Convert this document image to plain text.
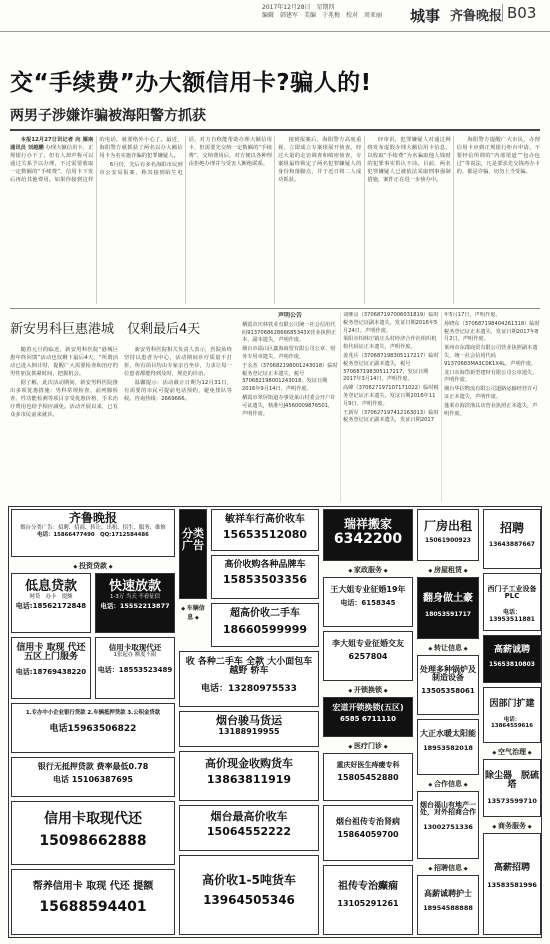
2017年12月28日　星期四
编辑　韩建军　美编　于兆梅　校对　周亚丽	城事 齐鲁晚报 B03
交“手续费”办大额信用卡?骗人的!
两男子涉嫌诈骗被海阳警方抓获

本报12月27日讯记者 向 雁南 通讯员 刘越鹏 办理大额信用卡，正规银行办不了，但有人却声称可以通过关系予以办理，不过需要收取一定数额的“手续费”，信用卡下发后再给其他费用。如果你接到这样的电话，就要格外小心了。最近，海阳警方就抓获了两名以办大额信用卡为名实施诈骗的犯罪嫌疑人。

6月份，先后有多名海阳市民到市公安局报案，称其接到陌生电话，对方自称能帮助办理大额信用卡，但需要先交纳一定数额的“手续费”，交纳费用后，对方便以各种理由拒绝办理并与受害人断绝联系。

接到报案后，海阳警方高度重视，立即成立专案组展开侦查。经过大量的走访调查和缜密侦查，专案组最终锁定了两名犯罪嫌疑人的身份和落脚点，并于近日将二人成功抓获。

经审讯，犯罪嫌疑人对通过网络发布虚假办理大额信用卡信息，以收取“手续费”为名骗取他人钱财的犯罪事实供认不讳。目前，两名犯罪嫌疑人已被依法采取刑事强制措施，案件正在进一步侦办中。

海阳警方提醒广大市民，办理信用卡应到正规银行柜台申请，不要轻信所谓的“内部渠道”“包办包过”等说法，凡是要求先交钱再办卡的，都是诈骗，切勿上当受骗。

新安男科巨惠港城　仅剩最后4天

随着元旦的临近，新安男科医院“港城巨惠年终回馈”活动也仅剩下最后4天，“所谓活动已进入倒计时，提醒广大需要检查和治疗的男性朋友抓紧时间，把握机会。

据了解，此次活动期间，新安男科医院推出多项优惠措施：男科常规检查、前列腺检查、性功能检测等项目享受优惠价格，手术治疗费用也给予相应减免。活动开展以来，已有众多市民前来就诊。

新安男科医院相关负责人表示，医院始终坚持以患者为中心，活动期间诊疗质量不打折，所有项目均由专家亲自坐诊，力求让每一位患者都能得到及时、规范的诊治。

温馨提示：活动截止日期为12月31日，有需要的市民可提前电话预约，避免排队等候。咨询热线：2669666。

声明公告
栖霞市庆林铁业有限公司统一社会信用代码913706862866685343X营业执照正本、副本遗失，声明作废。
烟台市福山区鑫海商贸有限公司公章、财务专用章遗失，声明作废。
于永杰（370682198001243018）临时税务登记证正本遗失，税号370682198001243018，发证日期2016年9月14日，声明作废。
栖霞市翠屏街道办事处莱山村委会开户许可证遗失，核准号J4560009876501，声明作废。
刘继良（370687197006031819）临时税务登记证副本遗失，发证日期2016年5月24日，声明作废。
莱阳市柏林庄镇庄头村经济合作社组织机构代码证正本遗失，声明作废。
姜兆兵（370687198305117217）临时税务登记证正副本遗失，税号370687198305117217，发证日期2017年3月14日，声明作废。
高峰（370627197107171022）临时税务登记证正本遗失，发证日期2016年11月9日，声明作废。
王新军（370627197412163013）临时税务登记证正副本遗失，发证日期2017年5月17日，声明作废。
孙晓东（370687198404261318）临时税务登记证正本遗失，发证日期2017年8月2日，声明作废。
莱州市东郡商贸有限公司营业执照副本遗失，统一社会信用代码91370683MA3C0K1X4L，声明作废。
龙口市海岱新型建材有限公司公章遗失，声明作废。
烟台华信物流有限公司道路运输经营许可证正本遗失，声明作废。
蓬莱市海滨渔具店营业执照正本遗失，声明作废。
齐鲁晚报
烟台分类广告：招聘、招商、转让、出租、招生、服务、维修
电话：15866477490　QQ:1712584486
◆ 投资贷款 ◆
低息贷款
网贷　办卡　提额
电话:18562172848
快速放款
1-3万 当天 不看征信
电话：15552213877
信用卡 取现 代还
五区上门服务
电话:18769438220
信用卡取现代还
1张起办 额度不限
电话：18553523489
1.专办中小企业银行贷款 2.车辆抵押贷款 3.公积金贷款
电话15963506822
银行无抵押贷款 费率最低0.78
电话 15106387695
信用卡取现代还
15098662888
帮养信用卡 取现 代还 提额
15688594401
分类
广告
敏祥车行高价收车
15653512080
高价收购各种品牌车
15853503356
超高价收二手车
18660599999
◆ 车辆信息 ◆
收 各种二手车 全款 大小面包车 越野 轿车
电话：13280975533
烟台骏马货运
13188919955
高价现金收购货车
13863811919
烟台最高价收车
15064552222
高价收1-5吨货车
13964505346
瑞祥搬家
6342200
◆ 家政服务 ◆
王大姐专业征婚19年
电话：6158345
李大姐专业征婚交友
6257804
◆ 开锁换锁 ◆
宏道开锁换锁(五区)
6585 6711110
◆ 医疗门诊 ◆
重庆好医生痔瘘专科
15805452880
烟台祖传专治肾病
15864059700
祖传专治癫痫
13105291261
厂房出租
15061900923
◆ 房屋租赁 ◆
翻身做土豪
18053591717
◆ 转让信息 ◆
处理多种锅炉及制造设备
13505358061
大正水暖太阳能
18953582018
◆ 合作信息 ◆
烟台福山有地产一处，对外招商合作
13002751336
◆ 招聘信息 ◆
高薪诚聘护士
18954588888
招聘
13643887667
西门子工业设备 PLC
电话：13953511881
高薪诚聘
15653810803
因部门扩建
电话：13864559616
◆ 空气治理 ◆
除尘器　脱硫塔
13573599710
◆ 商务服务 ◆
高薪招聘
13583581996
